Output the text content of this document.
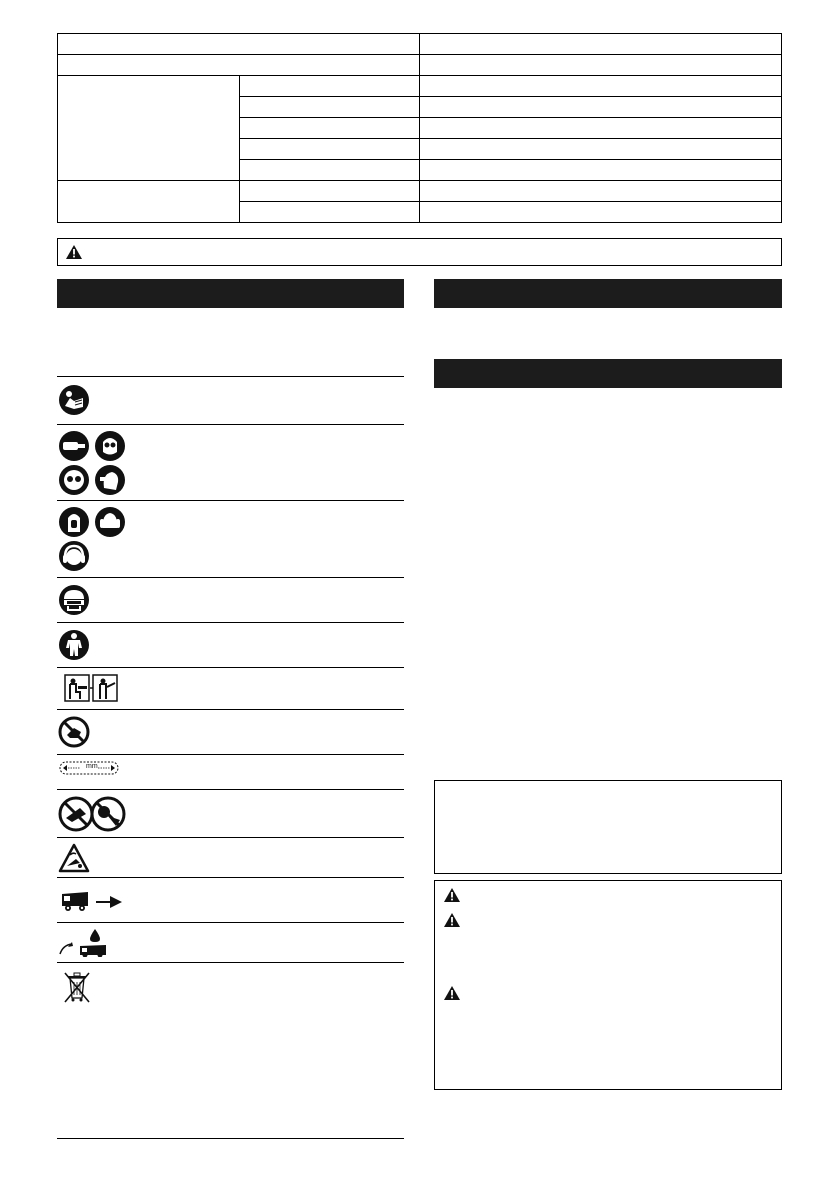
mm
